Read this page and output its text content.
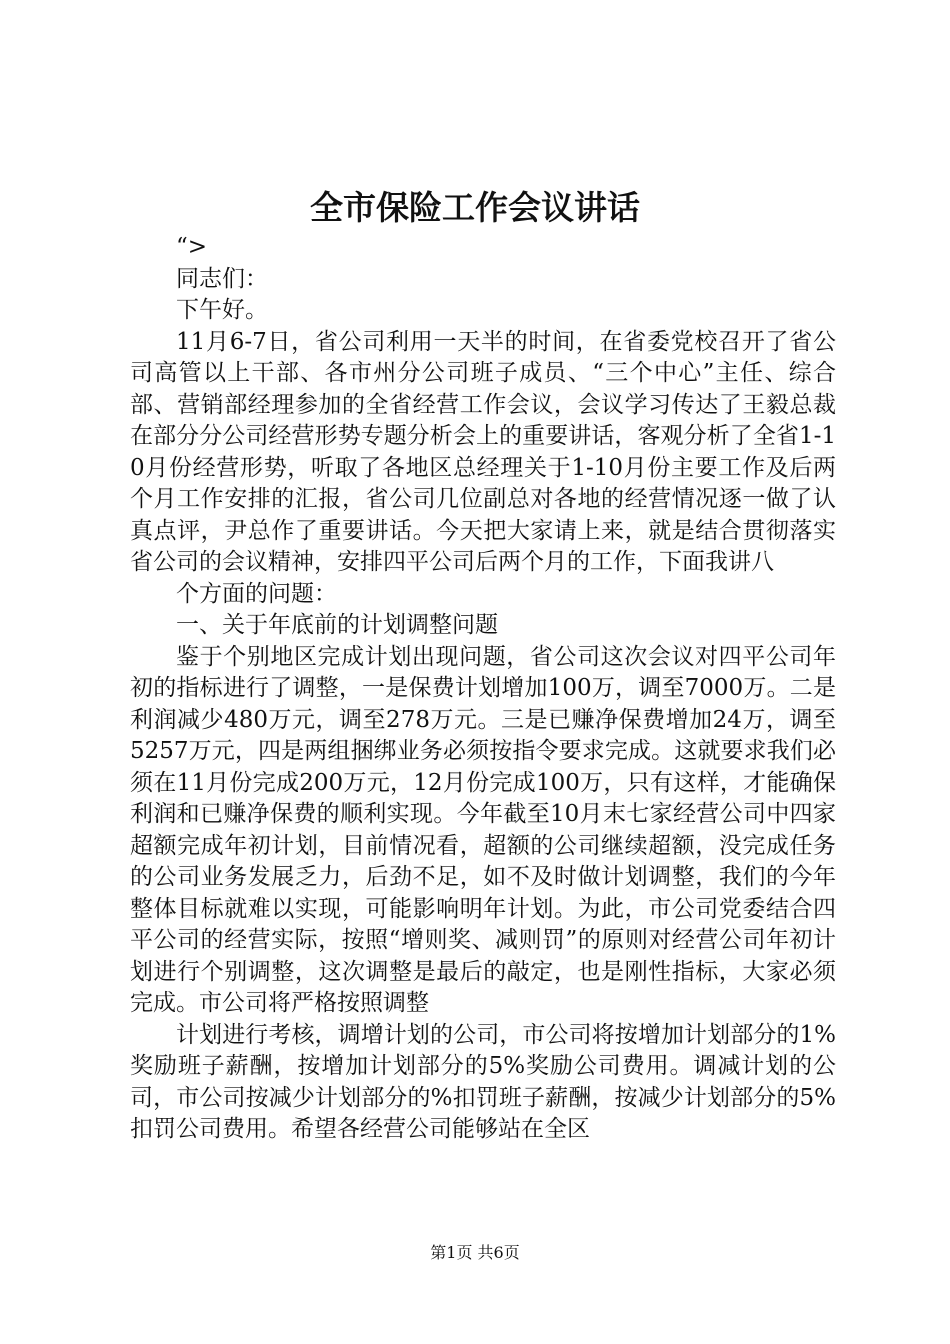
全市保险工作会议讲话

“>

同志们：

下午好。

11月6-7日，省公司利用一天半的时间，在省委党校召开了省公司高管以上干部、各市州分公司班子成员、“三个中心”主任、综合部、营销部经理参加的全省经营工作会议，会议学习传达了王毅总裁在部分分公司经营形势专题分析会上的重要讲话，客观分析了全省1-10月份经营形势，听取了各地区总经理关于1-10月份主要工作及后两个月工作安排的汇报，省公司几位副总对各地的经营情况逐一做了认真点评，尹总作了重要讲话。今天把大家请上来，就是结合贯彻落实省公司的会议精神，安排四平公司后两个月的工作，下面我讲八

个方面的问题：

一、关于年底前的计划调整问题

鉴于个别地区完成计划出现问题，省公司这次会议对四平公司年初的指标进行了调整，一是保费计划增加100万，调至7000万。二是利润减少480万元，调至278万元。三是已赚净保费增加24万，调至5257万元，四是两组捆绑业务必须按指令要求完成。这就要求我们必须在11月份完成200万元，12月份完成100万，只有这样，才能确保利润和已赚净保费的顺利实现。今年截至10月末七家经营公司中四家超额完成年初计划，目前情况看，超额的公司继续超额，没完成任务的公司业务发展乏力，后劲不足，如不及时做计划调整，我们的今年整体目标就难以实现，可能影响明年计划。为此，市公司党委结合四平公司的经营实际，按照“增则奖、减则罚”的原则对经营公司年初计划进行个别调整，这次调整是最后的敲定，也是刚性指标，大家必须完成。市公司将严格按照调整

计划进行考核，调增计划的公司，市公司将按增加计划部分的1%奖励班子薪酬，按增加计划部分的5%奖励公司费用。调减计划的公司，市公司按减少计划部分的%扣罚班子薪酬，按减少计划部分的5%扣罚公司费用。希望各经营公司能够站在全区

第1页 共6页
